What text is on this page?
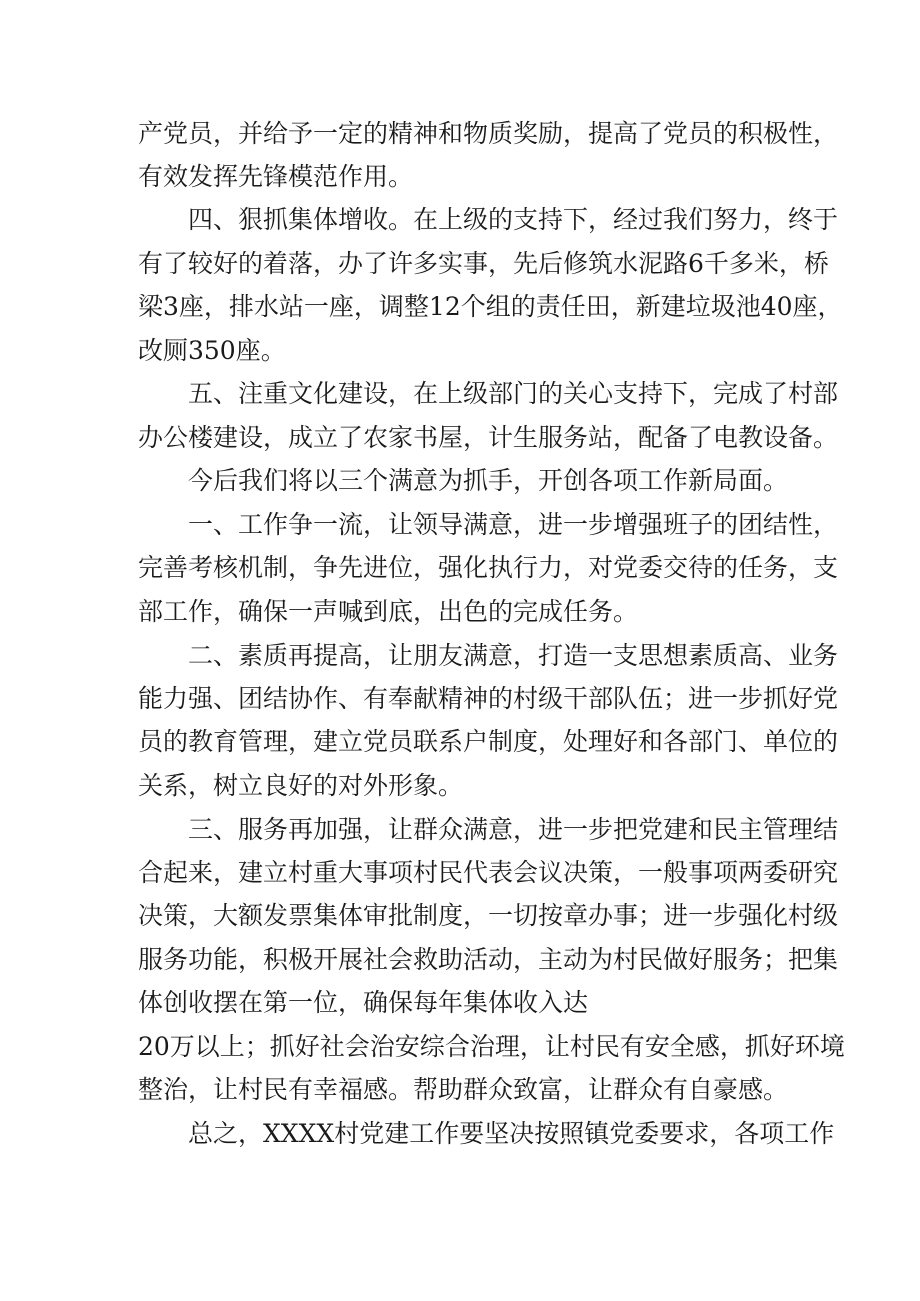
产党员，并给予一定的精神和物质奖励，提高了党员的积极性，

有效发挥先锋模范作用。

四、狠抓集体增收。在上级的支持下，经过我们努力，终于

有了较好的着落，办了许多实事，先后修筑水泥路6千多米，桥

梁3座，排水站一座，调整12个组的责任田，新建垃圾池40座，

改厕350座。

五、注重文化建设，在上级部门的关心支持下，完成了村部

办公楼建设，成立了农家书屋，计生服务站，配备了电教设备。

今后我们将以三个满意为抓手，开创各项工作新局面。

一、工作争一流，让领导满意，进一步增强班子的团结性，

完善考核机制，争先进位，强化执行力，对党委交待的任务，支

部工作，确保一声喊到底，出色的完成任务。

二、素质再提高，让朋友满意，打造一支思想素质高、业务

能力强、团结协作、有奉献精神的村级干部队伍；进一步抓好党

员的教育管理，建立党员联系户制度，处理好和各部门、单位的

关系，树立良好的对外形象。

三、服务再加强，让群众满意，进一步把党建和民主管理结

合起来，建立村重大事项村民代表会议决策，一般事项两委研究

决策，大额发票集体审批制度，一切按章办事；进一步强化村级

服务功能，积极开展社会救助活动，主动为村民做好服务；把集

体创收摆在第一位，确保每年集体收入达

20万以上；抓好社会治安综合治理，让村民有安全感，抓好环境

整治，让村民有幸福感。帮助群众致富，让群众有自豪感。

总之，XXXX村党建工作要坚决按照镇党委要求，各项工作
